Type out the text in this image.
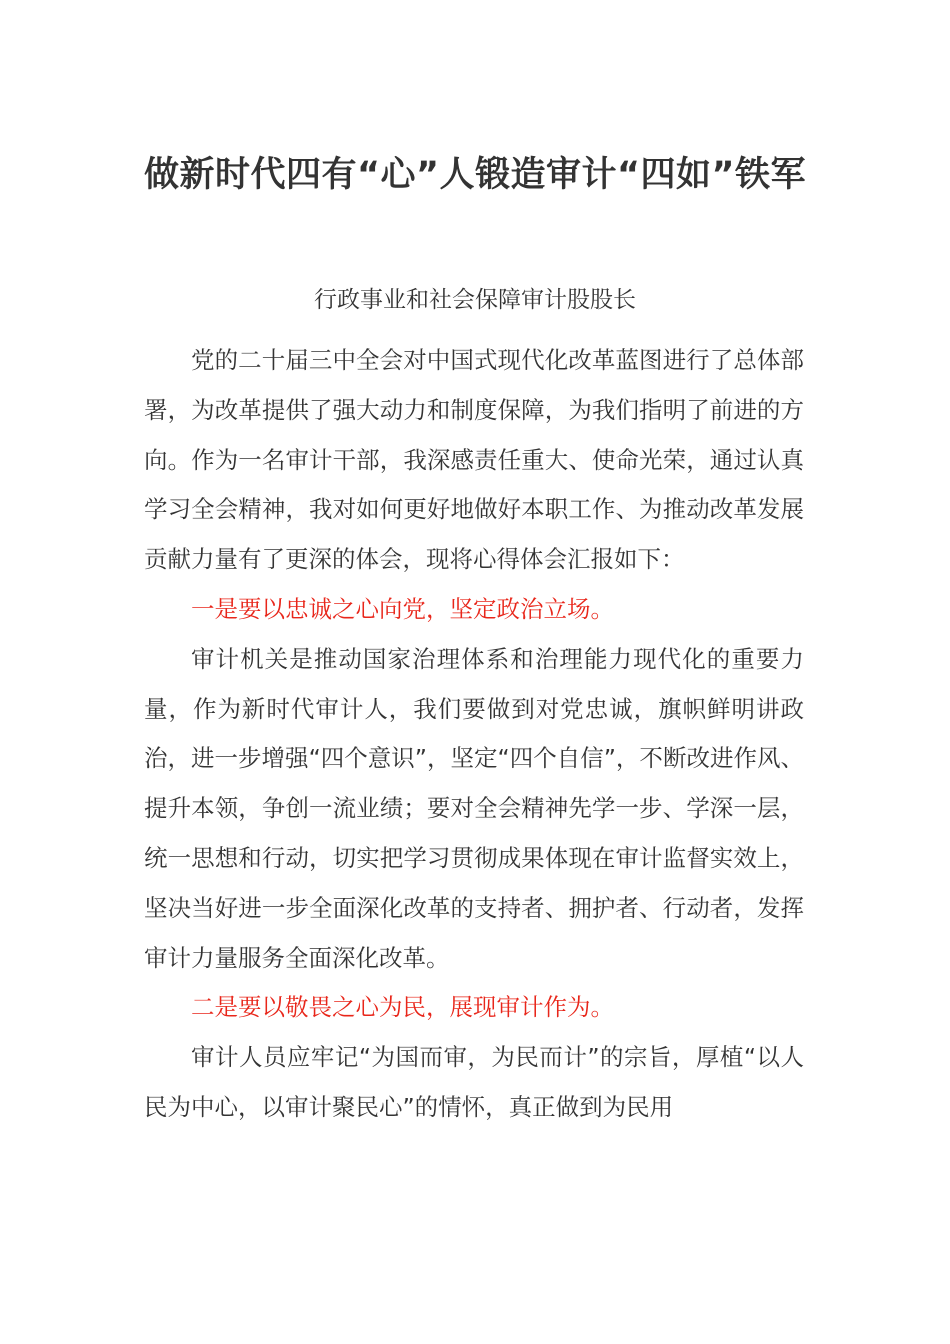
做新时代四有“心”人锻造审计“四如”铁军
行政事业和社会保障审计股股长

党的二十届三中全会对中国式现代化改革蓝图进行了总体部署，为改革提供了强大动力和制度保障，为我们指明了前进的方向。作为一名审计干部，我深感责任重大、使命光荣，通过认真学习全会精神，我对如何更好地做好本职工作、为推动改革发展贡献力量有了更深的体会，现将心得体会汇报如下：

一是要以忠诚之心向党，坚定政治立场。

审计机关是推动国家治理体系和治理能力现代化的重要力量，作为新时代审计人，我们要做到对党忠诚，旗帜鲜明讲政治，进一步增强“四个意识”，坚定“四个自信”，不断改进作风、提升本领，争创一流业绩；要对全会精神先学一步、学深一层，统一思想和行动，切实把学习贯彻成果体现在审计监督实效上，坚决当好进一步全面深化改革的支持者、拥护者、行动者，发挥审计力量服务全面深化改革。

二是要以敬畏之心为民，展现审计作为。

审计人员应牢记“为国而审，为民而计”的宗旨，厚植“以人民为中心，以审计聚民心”的情怀，真正做到为民用
